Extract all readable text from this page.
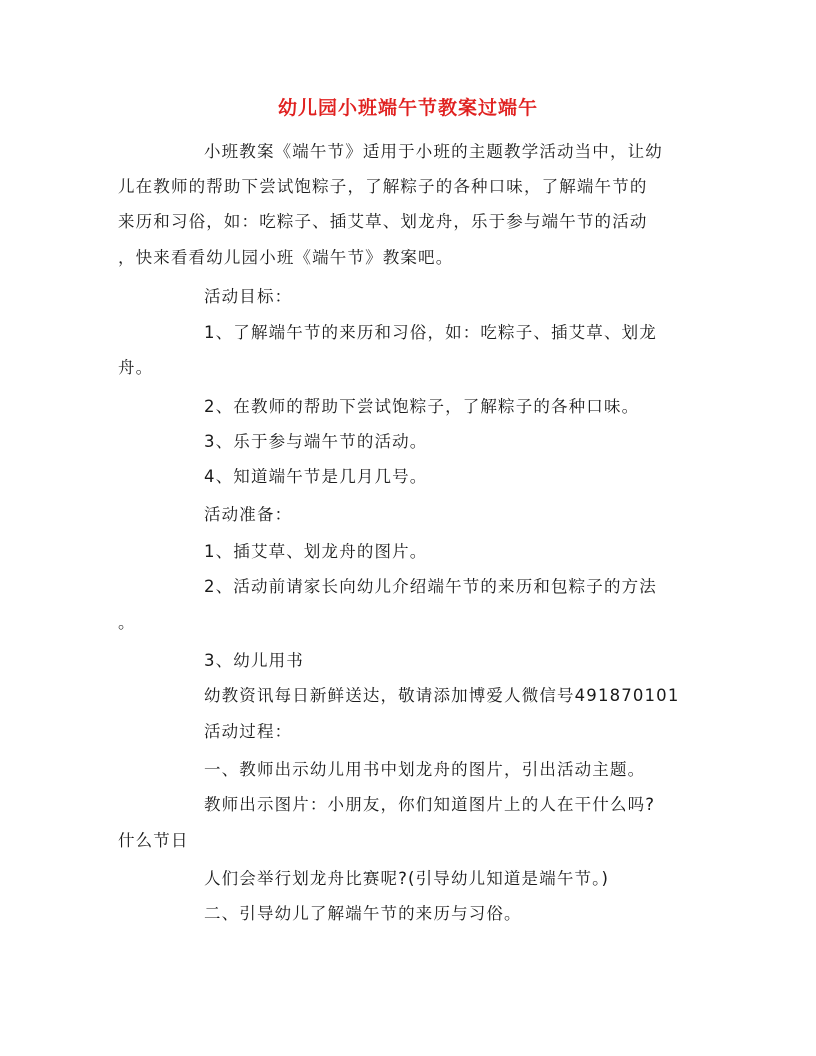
幼儿园小班端午节教案过端午
小班教案《端午节》适用于小班的主题教学活动当中，让幼
儿在教师的帮助下尝试饱粽子，了解粽子的各种口味，了解端午节的
来历和习俗，如：吃粽子、插艾草、划龙舟，乐于参与端午节的活动
，快来看看幼儿园小班《端午节》教案吧。
活动目标：
1、了解端午节的来历和习俗，如：吃粽子、插艾草、划龙
舟。
2、在教师的帮助下尝试饱粽子，了解粽子的各种口味。
3、乐于参与端午节的活动。
4、知道端午节是几月几号。
活动准备：
1、插艾草、划龙舟的图片。
2、活动前请家长向幼儿介绍端午节的来历和包粽子的方法
。
3、幼儿用书
幼教资讯每日新鲜送达，敬请添加博爱人微信号491870101
活动过程：
一、教师出示幼儿用书中划龙舟的图片，引出活动主题。
教师出示图片：小朋友，你们知道图片上的人在干什么吗?
什么节日
人们会举行划龙舟比赛呢?(引导幼儿知道是端午节。)
二、引导幼儿了解端午节的来历与习俗。
